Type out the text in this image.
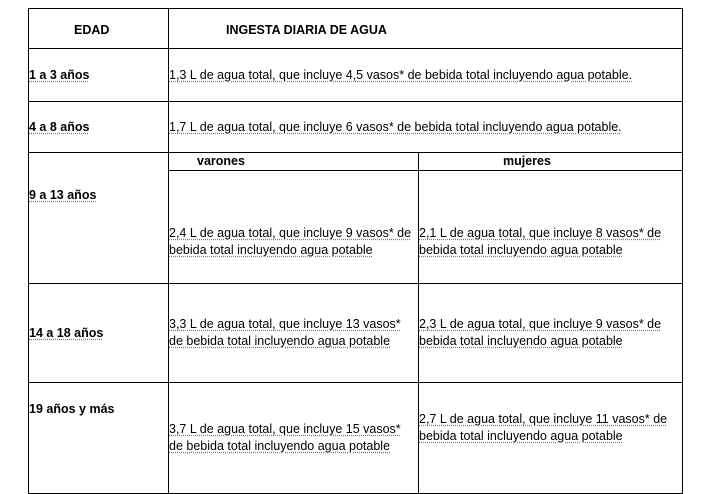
EDAD	INGESTA DIARIA DE AGUA	
1 a 3 años	1,3 L de agua total, que incluye 4,5 vasos* de bebida total incluyendo agua potable.	
4 a 8 años	1,7 L de agua total, que incluye 6 vasos* de bebida total incluyendo agua potable.	
9 a 13 años	varones	mujeres
	2,4 L de agua total, que incluye 9 vasos* de bebida total incluyendo agua potable	2,1 L de agua total, que incluye 8 vasos* de bebida total incluyendo agua potable
14 a 18 años	3,3 L de agua total, que incluye 13 vasos* de bebida total incluyendo agua potable	2,3 L de agua total, que incluye 9 vasos* de bebida total incluyendo agua potable
19 años y más	3,7 L de agua total, que incluye 15 vasos* de bebida total incluyendo agua potable	2,7 L de agua total, que incluye 11 vasos* de bebida total incluyendo agua potable
